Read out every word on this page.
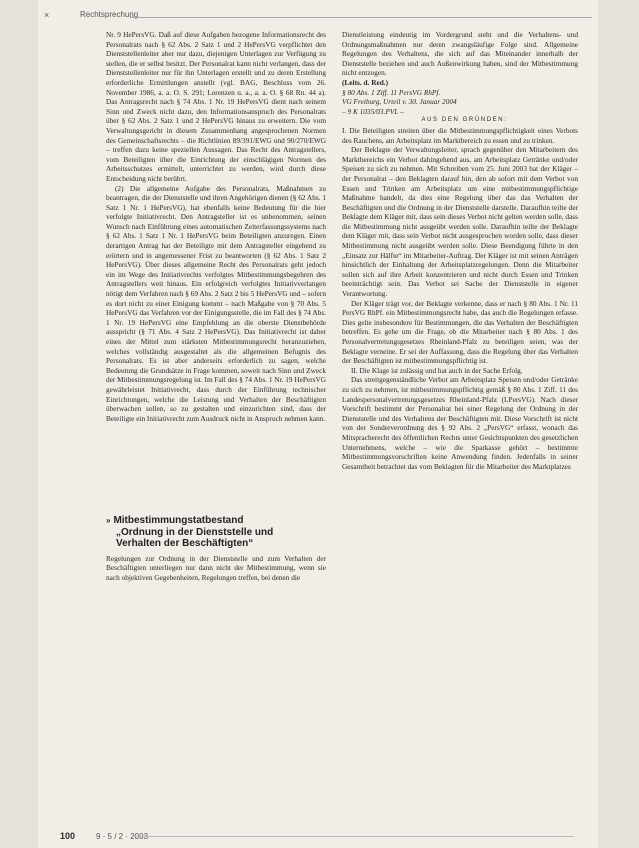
×	Rechtsprechung

Nr. 9 HePersVG. Daß auf diese Aufgaben bezogene Informationsrecht des Personalrats nach § 62 Abs. 2 Satz 1 und 2 HePersVG verpflichtet den Dienststellenleiter aber nur dazu, diejenigen Unterlagen zur Verfügung zu stellen, die er selbst besitzt. Der Personalrat kann nicht verlangen, dass der Dienststellenleiter nur für ihn Unterlagen erstellt und zu deren Erstellung erforderliche Ermittlungen anstellt (vgl. BAG, Beschluss vom 26. November 1986, a. a. O. S. 291; Lorenzen u. a., a. a. O. § 68 Rn. 44 a). Das Antragsrecht nach § 74 Abs. 1 Nr. 19 HePersVG dient nach seinem Sinn und Zweck nicht dazu, den Informationsanspruch des Personalrats über § 62 Abs. 2 Satz 1 und 2 HePersVG hinaus zu erweitern. Die vom Verwaltungsgericht in diesem Zusammenhang angesprochenen Normen des Gemeinschaftsrechts – die Richtlinien 89/391/EWG und 90/270/EWG – treffen dazu keine speziellen Aussagen. Das Recht des Antragstellers, vom Beteiligten über die Einrichtung der einschlägigen Normen des Arbeitsschutzes ermittelt, unterrichtet zu werden, wird durch diese Entscheidung nicht berührt.

(2) Die allgemeine Aufgabe des Personalrats, Maßnahmen zu beantragen, die der Dienststelle und ihren Angehörigen dienen (§ 62 Abs. 1 Satz 1 Nr. 1 HePersVG), hat ebenfalls keine Bedeutung für die hier verfolgte Initiativrecht. Den Antragsteller ist es unbenommen, seinen Wunsch nach Einführung eines automatischen Zeiterfassungssystems nach § 62 Abs. 1 Satz 1 Nr. 1 HePersVG beim Beteiligten anzuregen. Einen derartigen Antrag hat der Beteiligte mit dem Antragsteller eingehend zu erörtern und in angemessener Frist zu beantworten (§ 62 Abs. 1 Satz 2 HePersVG). Über dieses allgemeine Recht des Personalrats geht jedoch ein im Wege des Initiativrechts verfolgtes Mitbestimmungsbegehren des Antragstellers weit hinaus. Ein erfolgreich verfolgtes Initiativverlangen nötigt dem Verfahren nach § 69 Abs. 2 Satz 2 bis 5 HePersVG und – sofern es dort nicht zu einer Einigung kommt – nach Maßgabe von § 70 Abs. 5 HePersVG das Verfahren vor der Einigungsstelle, die im Fall des § 74 Abs. 1 Nr. 19 HePersVG eine Empfehlung an die oberste Dienstbehörde ausspricht (§ 71 Abs. 4 Satz 2 HePersVG). Das Initiativrecht ist daher eines der Mittel zum stärksten Mitbestimmungsrecht heranzuziehen, welches vollständig ausgestaltet als die allgemeinen Befugnis des Personalrats. Es ist aber anderseits erforderlich zu sagen, welche Bedeutung die Grundsätze in Frage kommen, soweit nach Sinn und Zweck der Mitbestimmungsregelung ist. Im Fall des § 74 Abs. 1 Nr. 19 HePersVG gewährleistet Initiativrecht, dass durch der Einführung technischer Einrichtungen, welche die Leistung und Verhalten der Beschäftigten überwachen sollen, so zu gestalten und einzurichten sind, dass der Beteiligte ein Initiativrecht zum Ausdruck nicht in Anspruch nehmen kann.

» Mitbestimmungstatbestand
„Ordnung in der Dienststelle und
Verhalten der Beschäftigten“

Regelungen zur Ordnung in der Dienststelle und zum Verhalten der Beschäftigten unterliegen nur dann nicht der Mitbestimmung, wenn sie nach objektiven Gegebenheiten, Regelungen treffen, bei denen die

Dienstleistung eindeutig im Vordergrund steht und die Verhaltens- und Ordnungsmaßnahmen nur deren zwangsläufige Folge sind. Allgemeine Regelungen des Verhaltens, die sich auf das Miteinander innerhalb der Dienststelle beziehen und auch Außenwirkung haben, sind der Mitbestimmung nicht entzogen.

(Leits. d. Red.)

§ 80 Abs. 1 Ziff. 11 PersVG RhPf.

VG Freiburg, Urteil v. 30. Januar 2004

– 9 K 1035/03.PVL –

AUS DEN GRÜNDEN:

I. Die Beteiligten streiten über die Mitbestimmungspflichtigkeit eines Verbots des Rauchens, am Arbeitsplatz im Marktbereich zu essen und zu trinken.

Der Beklagte der Verwaltungsleiter, sprach gegenüber den Mitarbeitern des Marktbereichs ein Verbot dahingehend aus, am Arbeitsplatz Getränke und/oder Speisen zu sich zu nehmen. Mit Schreiben vom 25. Juni 2003 bat der Kläger – der Personalrat – den Beklagten darauf hin, den ab sofort mit dem Verbot von Essen und Trinken am Arbeitsplatz um eine mitbestimmungspflichtige Maßnahme handelt, da dies eine Regelung über das das Verhalten der Beschäftigten und die Ordnung in der Dienststelle darstelle. Daraufhin teilte der Beklagte dem Kläger mit, dass sein dieses Verbot nicht gelten werden solle, dass die Mitbestimmung nicht ausgeübt werden solle. Daraufhin teilte der Beklagte dem Kläger mit, dass sein Verbot nicht ausgesprochen worden solle, dass dieser Mitbestimmung nicht ausgeübt werden solle. Diese Beendigung führte in den „Einsatz zur Hälfte“ im Mitarbeiter-Auftrag. Der Kläger ist mit seinen Anträgen hinsichtlich der Einhaltung der Arbeitsplatzregelungen. Denn die Mitarbeiter sollen sich auf ihre Arbeit konzentrieren und nicht durch Essen und Trinken beeinträchtigt sein. Das Verbot sei Sache der Dienststelle in eigener Verantwortung.

Der Kläger trägt vor, der Beklagte verkenne, dass er nach § 80 Abs. 1 Nr. 11 PersVG RhPf. ein Mitbestimmungsrecht habe, das auch die Regelungen erfasse. Dies gelte insbesondere für Bestimmungen, die das Verhalten der Beschäftigten betreffen. Es gehe um die Frage, ob die Mitarbeiter nach § 80 Abs. 1 des Personalvertretungsgesetzes Rheinland-Pfalz zu beteiligen seien, was der Beklagte verneine. Er sei der Auffassung, dass die Regelung über das Verhalten der Beschäftigten ist mitbestimmungspflichtig ist.

II. Die Klage ist zulässig und hat auch in der Sache Erfolg.

Das streitgegenständliche Verbot am Arbeitsplatz Speisen und/oder Getränke zu sich zu nehmen, ist mitbestimmungspflichtig gemäß § 80 Abs. 1 Ziff. 11 des Landespersonalvertretungsgesetzes Rheinland-Pfalz (LPersVG). Nach dieser Vorschrift bestimmt der Personalrat bei einer Regelung der Ordnung in der Dienststelle und des Verhaltens der Beschäftigten mit. Diese Vorschrift ist nicht von der Sonderverordnung des § 92 Abs. 2 „PersVG“ erfasst, wonach das Mitspracherecht des öffentlichen Rechts unter Gesichtspunkten des gesetzlichen Unternehmens, welche – wie die Sparkasse gehört – bestimmte Mitbestimmungsvorschriften keine Anwendung finden. Jedenfalls in seiner Gesamtheit betrachtet das vom Beklagten für die Mitarbeiter des Marktplatzes

100	9 · 5 / 2 · 2003
